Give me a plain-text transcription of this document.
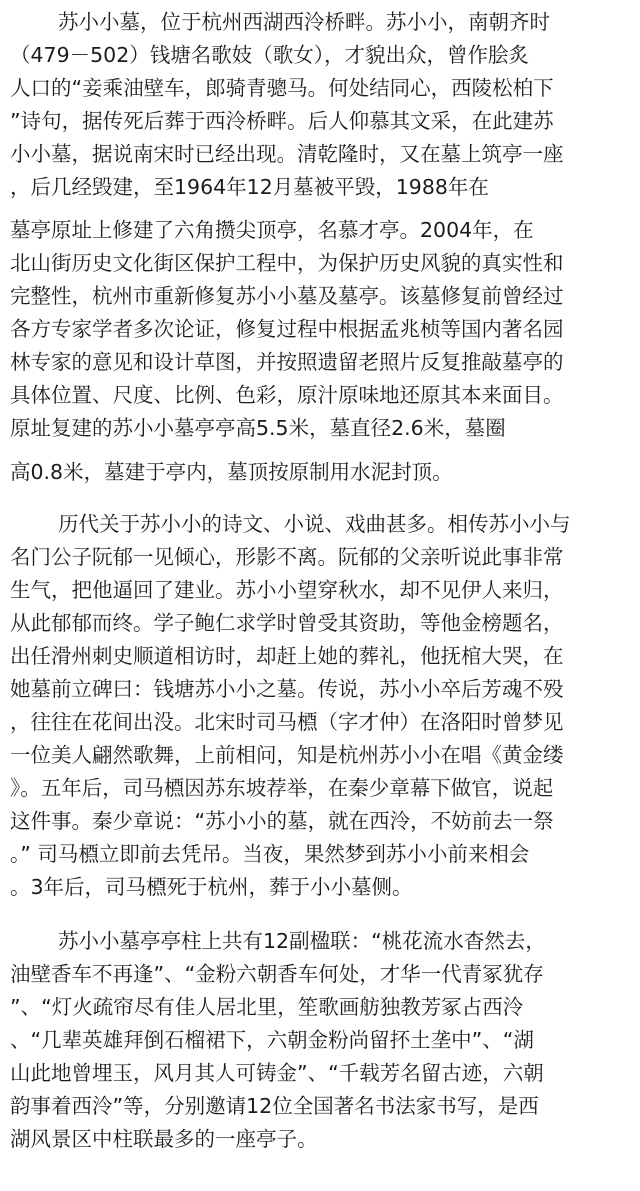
苏小小墓，位于杭州西湖西泠桥畔。苏小小，南朝齐时
（479－502）钱塘名歌妓（歌女），才貌出众，曾作脍炙
人口的“妾乘油壁车，郎骑青骢马。何处结同心，西陵松柏下
”诗句，据传死后葬于西泠桥畔。后人仰慕其文采，在此建苏
小小墓，据说南宋时已经出现。清乾隆时，又在墓上筑亭一座
，后几经毁建，至1964年12月墓被平毁，1988年在
墓亭原址上修建了六角攒尖顶亭，名慕才亭。2004年，在
北山街历史文化街区保护工程中，为保护历史风貌的真实性和
完整性，杭州市重新修复苏小小墓及墓亭。该墓修复前曾经过
各方专家学者多次论证，修复过程中根据孟兆桢等国内著名园
林专家的意见和设计草图，并按照遗留老照片反复推敲墓亭的
具体位置、尺度、比例、色彩，原汁原味地还原其本来面目。
原址复建的苏小小墓亭亭高5.5米，墓直径2.6米，墓圈
高0.8米，墓建于亭内，墓顶按原制用水泥封顶。
历代关于苏小小的诗文、小说、戏曲甚多。相传苏小小与
名门公子阮郁一见倾心，形影不离。阮郁的父亲听说此事非常
生气，把他逼回了建业。苏小小望穿秋水，却不见伊人来归，
从此郁郁而终。学子鲍仁求学时曾受其资助，等他金榜题名，
出任滑州刺史顺道相访时，却赶上她的葬礼，他抚棺大哭，在
她墓前立碑曰：钱塘苏小小之墓。传说，苏小小卒后芳魂不殁
，往往在花间出没。北宋时司马槱（字才仲）在洛阳时曾梦见
一位美人翩然歌舞，上前相问，知是杭州苏小小在唱《黄金缕
》。五年后，司马槱因苏东坡荐举，在秦少章幕下做官，说起
这件事。秦少章说：“苏小小的墓，就在西泠，不妨前去一祭
。” 司马槱立即前去凭吊。当夜，果然梦到苏小小前来相会
。3年后，司马槱死于杭州，葬于小小墓侧。
苏小小墓亭亭柱上共有12副楹联：“桃花流水杳然去，
油壁香车不再逢”、“金粉六朝香车何处，才华一代青冢犹存
”、“灯火疏帘尽有佳人居北里，笙歌画舫独教芳冢占西泠
、“几辈英雄拜倒石榴裙下，六朝金粉尚留抔土垄中”、“湖
山此地曾埋玉，风月其人可铸金”、“千载芳名留古迹，六朝
韵事着西泠”等，分别邀请12位全国著名书法家书写，是西
湖风景区中柱联最多的一座亭子。
